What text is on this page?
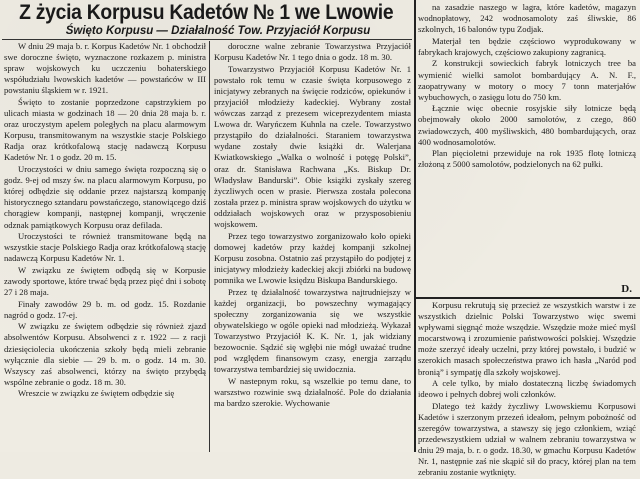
Z życia Korpusu Kadetów № 1 we Lwowie
Święto Korpusu — Działalność Tow. Przyjaciół Korpusu

W dniu 29 maja b. r. Korpus Kadetów Nr. 1 obchodził swe doroczne święto, wyznaczone rozkazem p. ministra spraw wojskowych ku uczczeniu bohaterskiego współudziału lwowskich kadetów — powstańców w III powstaniu śląskiem w r. 1921.

Święto to zostanie poprzedzone capstrzykiem po ulicach miasta w godzinach 18 — 20 dnia 28 maja b. r. oraz uroczystym apelem poległych na placu alarmowym Korpusu, transmitowanym na wszystkie stacje Polskiego Radja oraz krótkofalową stację nadawczą Korpusu Kadetów Nr. 1 o godz. 20 m. 15.

Uroczystości w dniu samego święta rozpoczną się o godz. 9-ej od mszy św. na placu alarmowym Korpusu, po której odbędzie się oddanie przez najstarszą kompanję historycznego sztandaru powstańczego, stanowiącego dziś chorągiew kompanji, następnej kompanji, wręczenie odznak pamiątkowych Korpusu oraz defilada.

Uroczystości te również transmitowane będą na wszystkie stacje Polskiego Radja oraz krótkofalową stację nadawczą Korpusu Kadetów Nr. 1.

W związku ze świętem odbędą się w Korpusie zawody sportowe, które trwać będą przez pięć dni i sobotę 27 i 28 maja.

Finały zawodów 29 b. m. od godz. 15. Rozdanie nagród o godz. 17-ej.

W związku ze świętem odbędzie się również zjazd absolwentów Korpusu. Absolwenci z r. 1922 — z racji dziesięciolecia ukończenia szkoły będą mieli zebranie wyłącznie dla siebie — 29 b. m. o godz. 14 m. 30. Wszyscy zaś absolwenci, którzy na święto przybędą wspólne zebranie o godz. 18 m. 30.

Wreszcie w związku ze świętem odbędzie się

doroczne walne zebranie Towarzystwa Przyjaciół Korpusu Kadetów Nr. 1 tego dnia o godz. 18 m. 30.

Towarzystwo Przyjaciół Korpusu Kadetów Nr. 1 powstało rok temu w czasie święta korpusowego z inicjatywy zebranych na święcie rodziców, opiekunów i przyjaciół młodzieży kadeckiej. Wybrany został wówczas zarząd z prezesem wiceprezydentem miasta Lwowa dr. Waryńczem Kuhnla na czele. Towarzystwo przystąpiło do działalności. Staraniem towarzystwa wydane zostały dwie książki dr. Walerjana Kwiatkowskiego „Walka o wolność i potęgę Polski”, oraz dr. Stanisława Rachwana „Ks. Biskup Dr. Władysław Bandurski”. Obie książki zyskały szereg życzliwych ocen w prasie. Pierwsza została polecona została przez p. ministra spraw wojskowych do użytku w oddziałach wojskowych oraz w przysposobieniu wojskowem.

Przez tego towarzystwo zorganizowało koło opieki domowej kadetów przy każdej kompanji szkolnej Korpusu zosobna. Ostatnio zaś przystąpiło do podjętej z inicjatywy młodzieży kadeckiej akcji zbiórki na budowę pomnika we Lwowie księdzu Biskupa Bandurskiego.

Przez tę działalność towarzystwa najtrudniejszy w każdej organizacji, bo powszechny wymagający społeczny zorganizowania się we wszystkie obywatelskiego w ogóle opieki nad młodzieżą. Wykazał Towarzystwo Przyjaciół K. K. Nr. 1, jak widziany bezowocnie. Sądzić się wgłębi nie mógł uważać trudne pod względem finansowym czasy, energja zarządu towarzystwa tembardziej się uwidocznia.

W nastepnym roku, są wszelkie po temu dane, to warszstwo rozwinie swą działalność. Pole do działania ma bardzo szerokie. Wychowanie

na zasadzie naszego w lagra, które kadetów, magazyn wodnopłatowy, 242 wodnosamoloty zaś śliwskie, 86 szkolnych, 16 balonów typu Zodjak.

Materjał ten będzie częściowo wyprodukowany w fabrykach krajowych, częściowo zakupiony zagranicą.

Z konstrukcji sowieckich fabryk lotniczych tree ba wymienić wielki samolot bombardujący A. N. F., zaopatrywany w motory o mocy 7 tonn materjałów wybuchowych, o zasięgu lotu do 750 km.

Łącznie więc obecnie rosyjskie siły lotnicze będą obejmowały około 2000 samolotów, z czego, 860 zwiadowczych, 400 myśliwskich, 480 bombardujących, oraz 400 wodnosamolotów.

Plan pięcioletni przewiduje na rok 1935 flotę lotniczą złożoną z 5000 samolotów, podzielonych na 62 pułki.

D.

Korpusu rekrutują się przecież ze wszystkich warstw i ze wszystkich dzielnic Polski Towarzystwo więc swemi wpływami sięgnąć może wszędzie. Wszędzie może mieć myśl mocarstwową i zrozumienie państwowości polskiej. Wszędzie może szerzyć ideały uczelni, przy której powstało, i budzić w szerokich masach społeczeństwa prawo ich hasła „Naród pod bronią” i sympatję dla szkoły wojskowej.

A cele tylko, by miało dostateczną liczbę świadomych ideowo i pełnych dobrej woli członków.

Dlatego też każdy życzliwy Lwowskiemu Korpusowi Kadetów i szerzonym przezeń ideałom, pełnym pobożność od szeregów towarzystwa, a stawszy się jego członkiem, wziąć przedewszystkiem udział w walnem zebraniu towarzystwa w dniu 29 maja, b. r. o godz. 18.30, w gmachu Korpusu Kadetów Nr. 1, następnie zaś nie skąpić sił do pracy, której plan na tem zebraniu zostanie wytknięty.
